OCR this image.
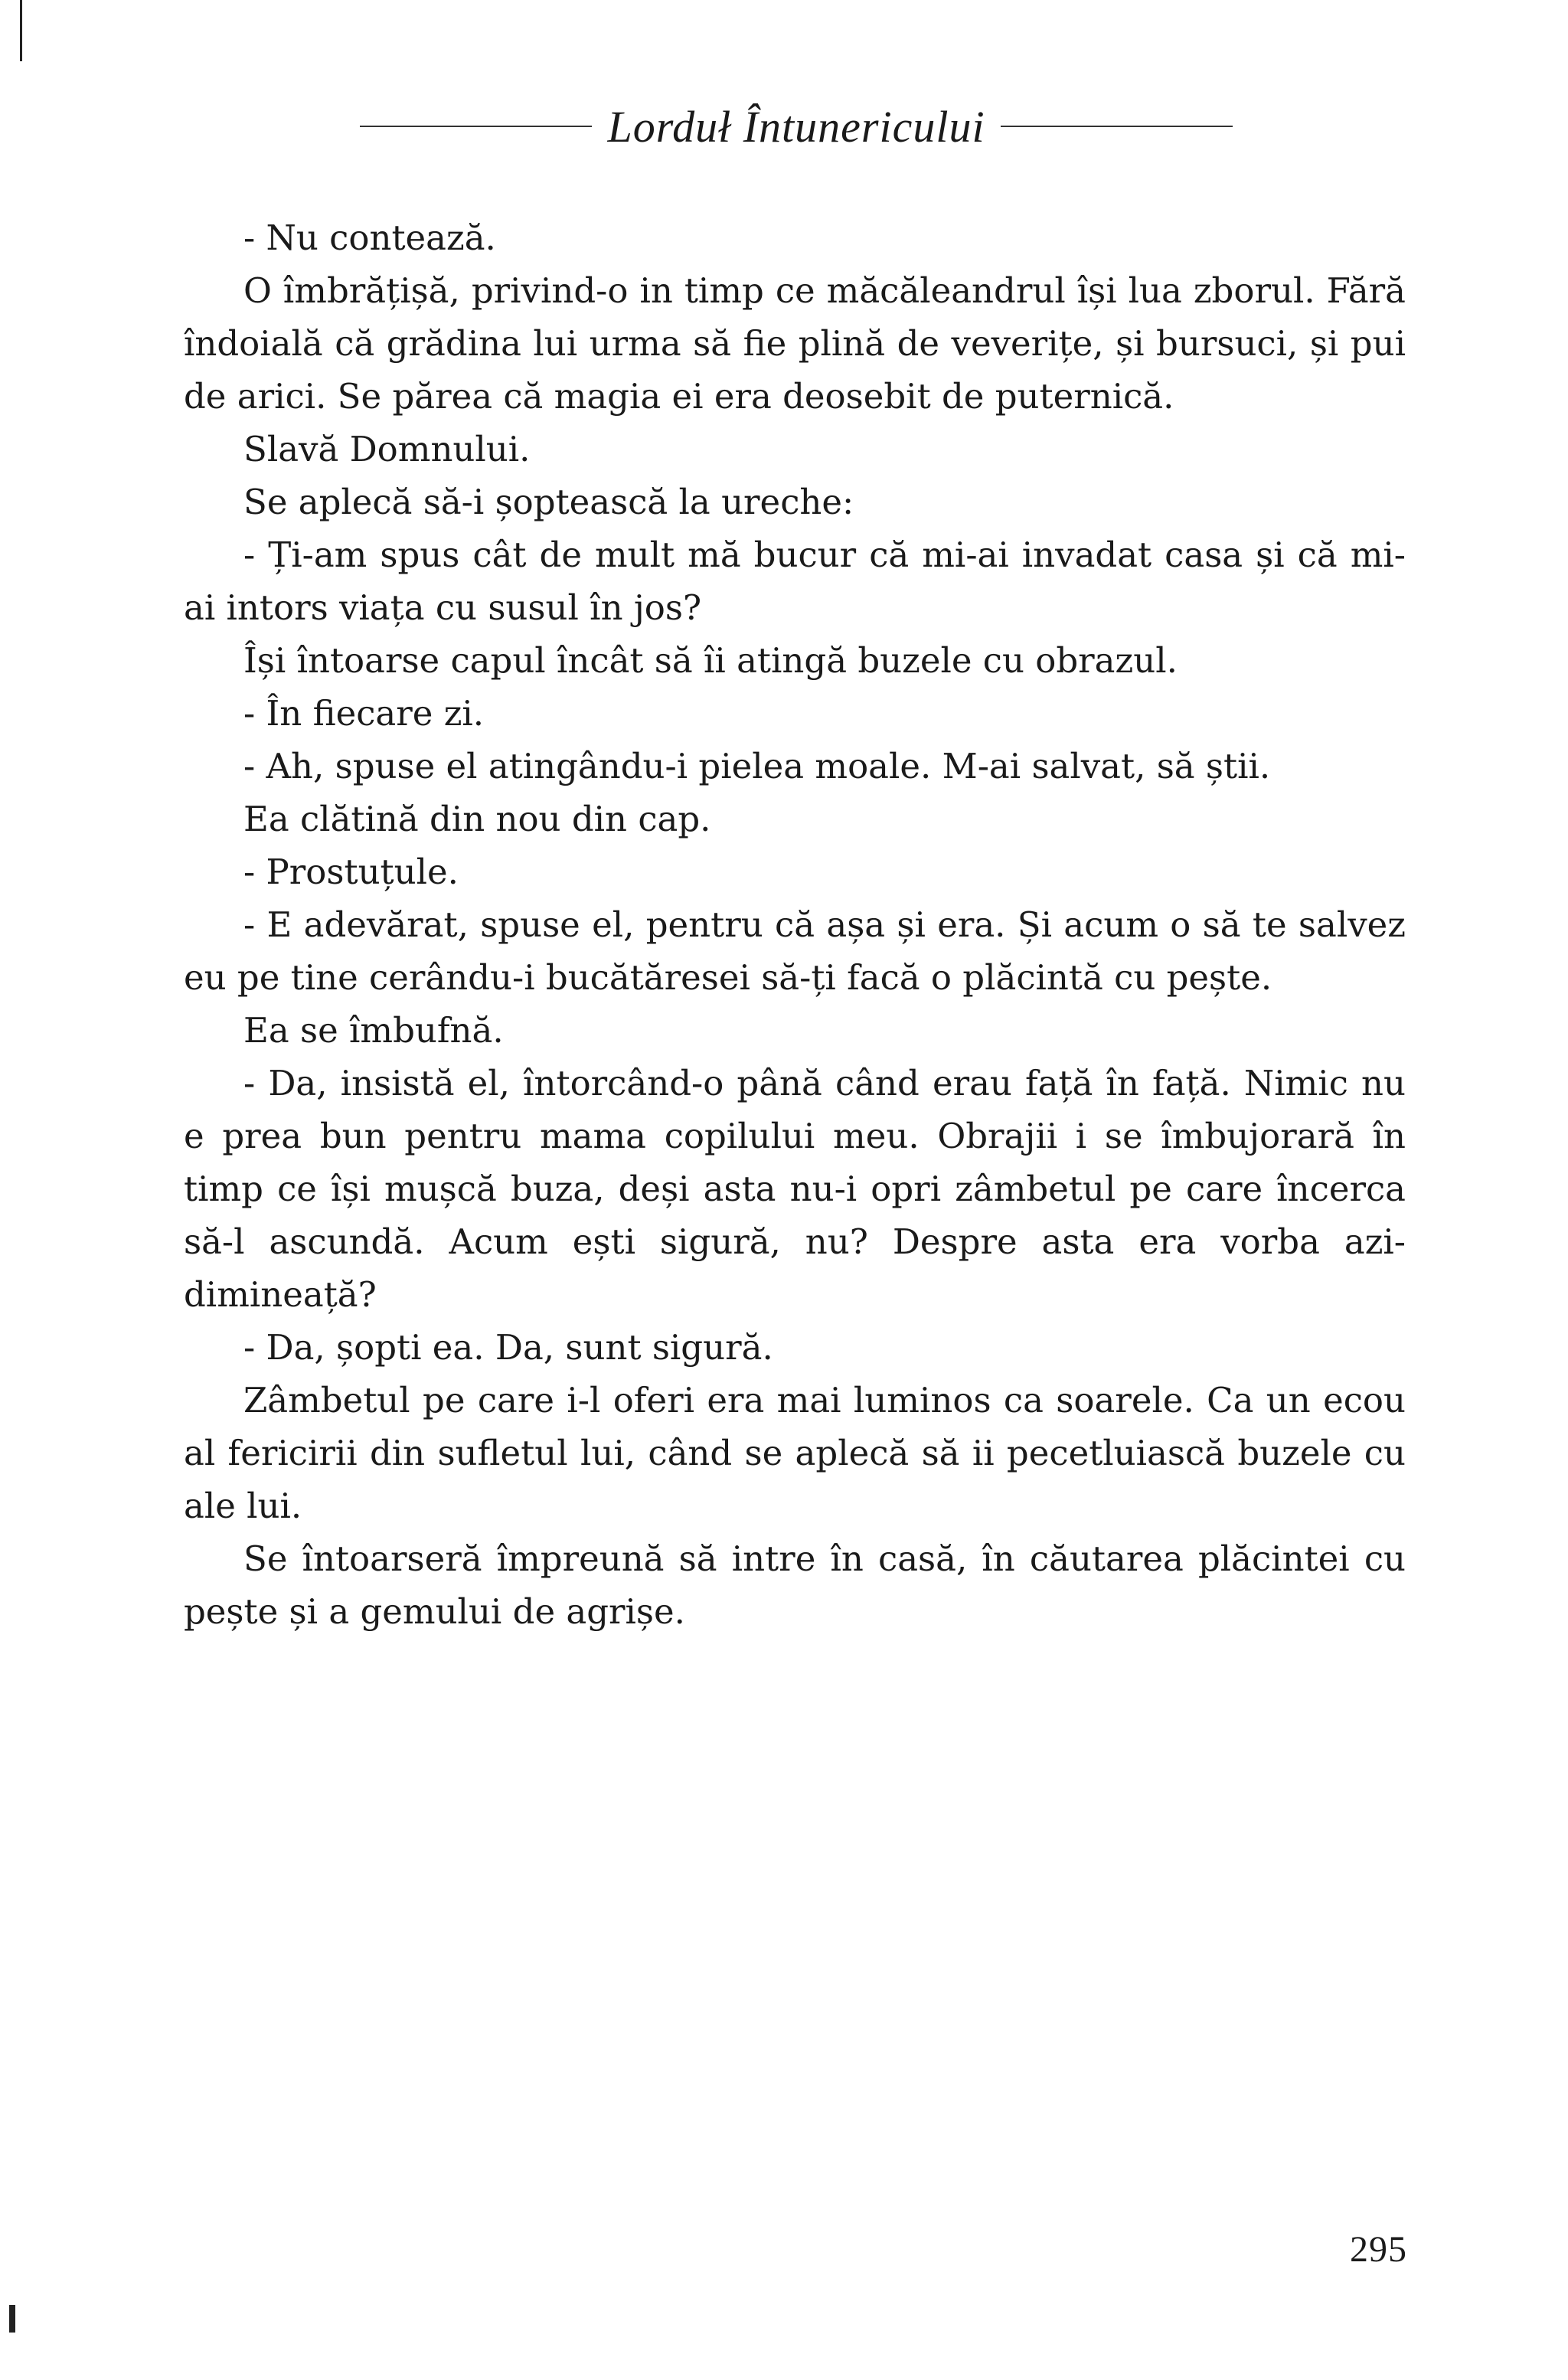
Lorduł Întunericului

- Nu contează.

O îmbrățișă, privind-o in timp ce măcăleandrul își lua zborul. Fără îndoială că grădina lui urma să fie plină de veverițe, și bursuci, și pui de arici. Se părea că magia ei era deosebit de puternică.

Slavă Domnului.

Se aplecă să-i șoptească la ureche:

- Ți-am spus cât de mult mă bucur că mi-ai invadat casa și că mi-ai intors viața cu susul în jos?

Își întoarse capul încât să îi atingă buzele cu obrazul.

- În fiecare zi.

- Ah, spuse el atingându-i pielea moale. M-ai salvat, să știi.

Ea clătină din nou din cap.

- Prostuțule.

- E adevărat, spuse el, pentru că așa și era. Și acum o să te salvez eu pe tine cerându-i bucătăresei să-ți facă o plăcintă cu pește.

Ea se îmbufnă.

- Da, insistă el, întorcând-o până când erau față în față. Nimic nu e prea bun pentru mama copilului meu. Obrajii i se îmbujorară în timp ce își mușcă buza, deși asta nu-i opri zâmbetul pe care încerca să-l ascundă. Acum ești sigură, nu? Despre asta era vorba azi-dimineață?

- Da, șopti ea. Da, sunt sigură.

Zâmbetul pe care i-l oferi era mai luminos ca soarele. Ca un ecou al fericirii din sufletul lui, când se aplecă să ii pecetluiască buzele cu ale lui.

Se întoarseră împreună să intre în casă, în căutarea plăcintei cu pește și a gemului de agrișe.

295
